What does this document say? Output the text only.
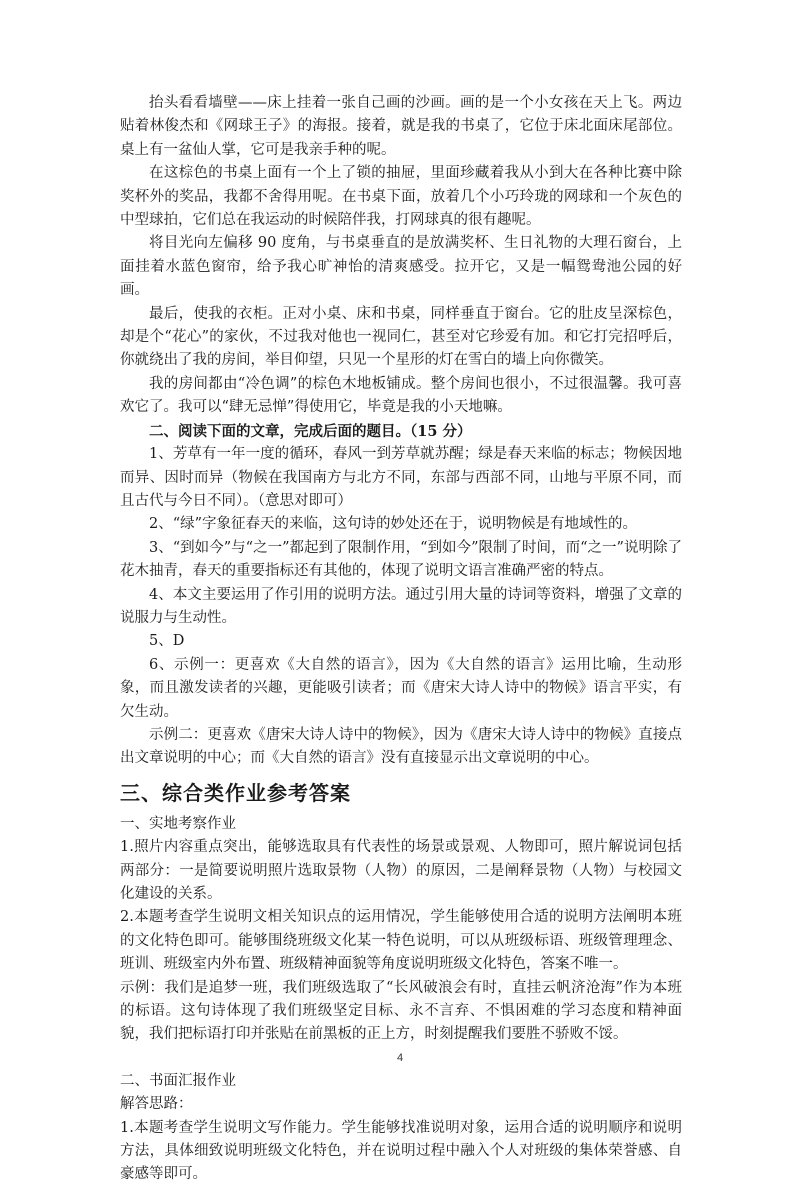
抬头看看墙壁——床上挂着一张自己画的沙画。画的是一个小女孩在天上飞。两边贴着林俊杰和《网球王子》的海报。接着，就是我的书桌了，它位于床北面床尾部位。桌上有一盆仙人掌，它可是我亲手种的呢。

在这棕色的书桌上面有一个上了锁的抽屉，里面珍藏着我从小到大在各种比赛中除奖杯外的奖品，我都不舍得用呢。在书桌下面，放着几个小巧玲珑的网球和一个灰色的中型球拍，它们总在我运动的时候陪伴我，打网球真的很有趣呢。

将目光向左偏移 90 度角，与书桌垂直的是放满奖杯、生日礼物的大理石窗台，上面挂着水蓝色窗帘，给予我心旷神怡的清爽感受。拉开它，又是一幅鸳鸯池公园的好画。

最后，使我的衣柜。正对小桌、床和书桌，同样垂直于窗台。它的肚皮呈深棕色，却是个“花心”的家伙，不过我对他也一视同仁，甚至对它珍爱有加。和它打完招呼后，你就绕出了我的房间，举目仰望，只见一个星形的灯在雪白的墙上向你微笑。

我的房间都由“冷色调”的棕色木地板铺成。整个房间也很小，不过很温馨。我可喜欢它了。我可以“肆无忌惮”得使用它，毕竟是我的小天地嘛。

二、阅读下面的文章，完成后面的题目。（15 分）

1、芳草有一年一度的循环，春风一到芳草就苏醒；绿是春天来临的标志；物候因地而异、因时而异（物候在我国南方与北方不同，东部与西部不同，山地与平原不同，而且古代与今日不同）。（意思对即可）

2、“绿”字象征春天的来临，这句诗的妙处还在于，说明物候是有地域性的。

3、“到如今”与“之一”都起到了限制作用，“到如今”限制了时间，而“之一”说明除了花木抽青，春天的重要指标还有其他的，体现了说明文语言准确严密的特点。

4、本文主要运用了作引用的说明方法。通过引用大量的诗词等资料，增强了文章的说服力与生动性。

5、D

6、示例一：更喜欢《大自然的语言》，因为《大自然的语言》运用比喻，生动形象，而且激发读者的兴趣，更能吸引读者；而《唐宋大诗人诗中的物候》语言平实，有欠生动。

示例二：更喜欢《唐宋大诗人诗中的物候》，因为《唐宋大诗人诗中的物候》直接点出文章说明的中心；而《大自然的语言》没有直接显示出文章说明的中心。

三、综合类作业参考答案

一、实地考察作业

1.照片内容重点突出，能够选取具有代表性的场景或景观、人物即可，照片解说词包括两部分：一是简要说明照片选取景物（人物）的原因，二是阐释景物（人物）与校园文化建设的关系。

2.本题考查学生说明文相关知识点的运用情况，学生能够使用合适的说明方法阐明本班的文化特色即可。能够围绕班级文化某一特色说明，可以从班级标语、班级管理理念、班训、班级室内外布置、班级精神面貌等角度说明班级文化特色，答案不唯一。

示例：我们是追梦一班，我们班级选取了“长风破浪会有时，直挂云帆济沧海”作为本班的标语。这句诗体现了我们班级坚定目标、永不言弃、不惧困难的学习态度和精神面貌，我们把标语打印并张贴在前黑板的正上方，时刻提醒我们要胜不骄败不馁。

二、书面汇报作业

解答思路：

1.本题考查学生说明文写作能力。学生能够找准说明对象，运用合适的说明顺序和说明方法，具体细致说明班级文化特色，并在说明过程中融入个人对班级的集体荣誉感、自豪感等即可。

4
